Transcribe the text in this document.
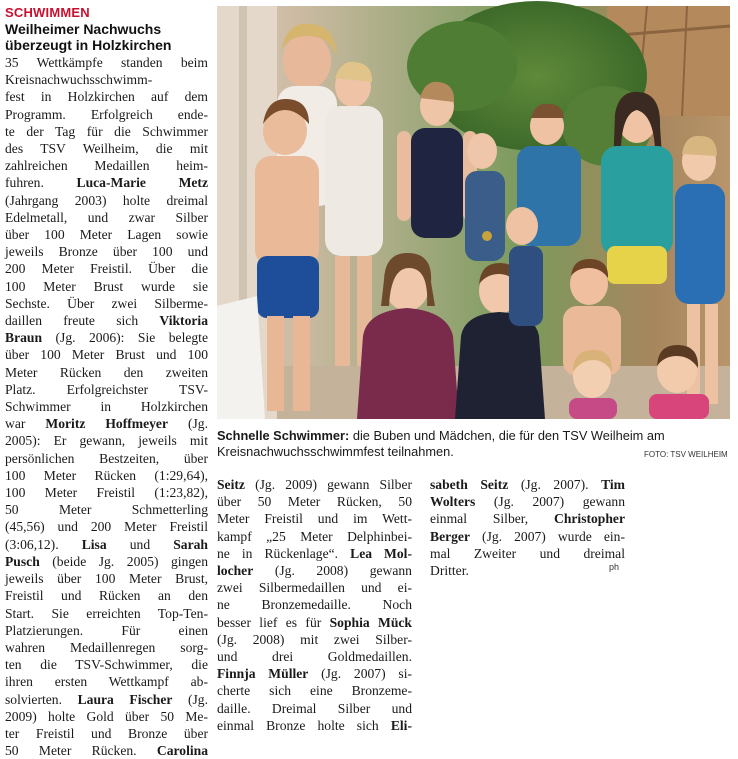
SCHWIMMEN
Weilheimer Nachwuchs
überzeugt in Holzkirchen
35 Wettkämpfe standen beim
Kreisnachwuchsschwimm-
fest in Holzkirchen auf dem
Programm. Erfolgreich ende-
te der Tag für die Schwimmer
des TSV Weilheim, die mit
zahlreichen Medaillen heim-
fuhren. Luca-Marie Metz
(Jahrgang 2003) holte dreimal
Edelmetall, und zwar Silber
über 100 Meter Lagen sowie
jeweils Bronze über 100 und
200 Meter Freistil. Über die
100 Meter Brust wurde sie
Sechste. Über zwei Silberme-
daillen freute sich Viktoria
Braun (Jg. 2006): Sie belegte
über 100 Meter Brust und 100
Meter Rücken den zweiten
Platz. Erfolgreichster TSV-
Schwimmer in Holzkirchen
war Moritz Hoffmeyer (Jg.
2005): Er gewann, jeweils mit
persönlichen Bestzeiten, über
100 Meter Rücken (1:29,64),
100 Meter Freistil (1:23,82),
50 Meter Schmetterling
(45,56) und 200 Meter Freistil
(3:06,12). Lisa und Sarah
Pusch (beide Jg. 2005) gingen
jeweils über 100 Meter Brust,
Freistil und Rücken an den
Start. Sie erreichten Top-Ten-
Platzierungen. Für einen
wahren Medaillenregen sorg-
ten die TSV-Schwimmer, die
ihren ersten Wettkampf ab-
solvierten. Laura Fischer (Jg.
2009) holte Gold über 50 Me-
ter Freistil und Bronze über
50 Meter Rücken. Carolina
Schnelle Schwimmer: die Buben und Mädchen, die für den TSV Weilheim am Kreisnachwuchsschwimmfest teilnahmen.	FOTO: TSV WEILHEIM
Seitz (Jg. 2009) gewann Silber
über 50 Meter Rücken, 50
Meter Freistil und im Wett-
kampf „25 Meter Delphinbei-
ne in Rückenlage“. Lea Mol-
locher (Jg. 2008) gewann
zwei Silbermedaillen und ei-
ne Bronzemedaille. Noch
besser lief es für Sophia Mück
(Jg. 2008) mit zwei Silber-
und drei Goldmedaillen.
Finnja Müller (Jg. 2007) si-
cherte sich eine Bronzeme-
daille. Dreimal Silber und
einmal Bronze holte sich Eli-
sabeth Seitz (Jg. 2007). Tim
Wolters (Jg. 2007) gewann
einmal Silber, Christopher
Berger (Jg. 2007) wurde ein-
mal Zweiter und dreimal
Dritter.	ph
